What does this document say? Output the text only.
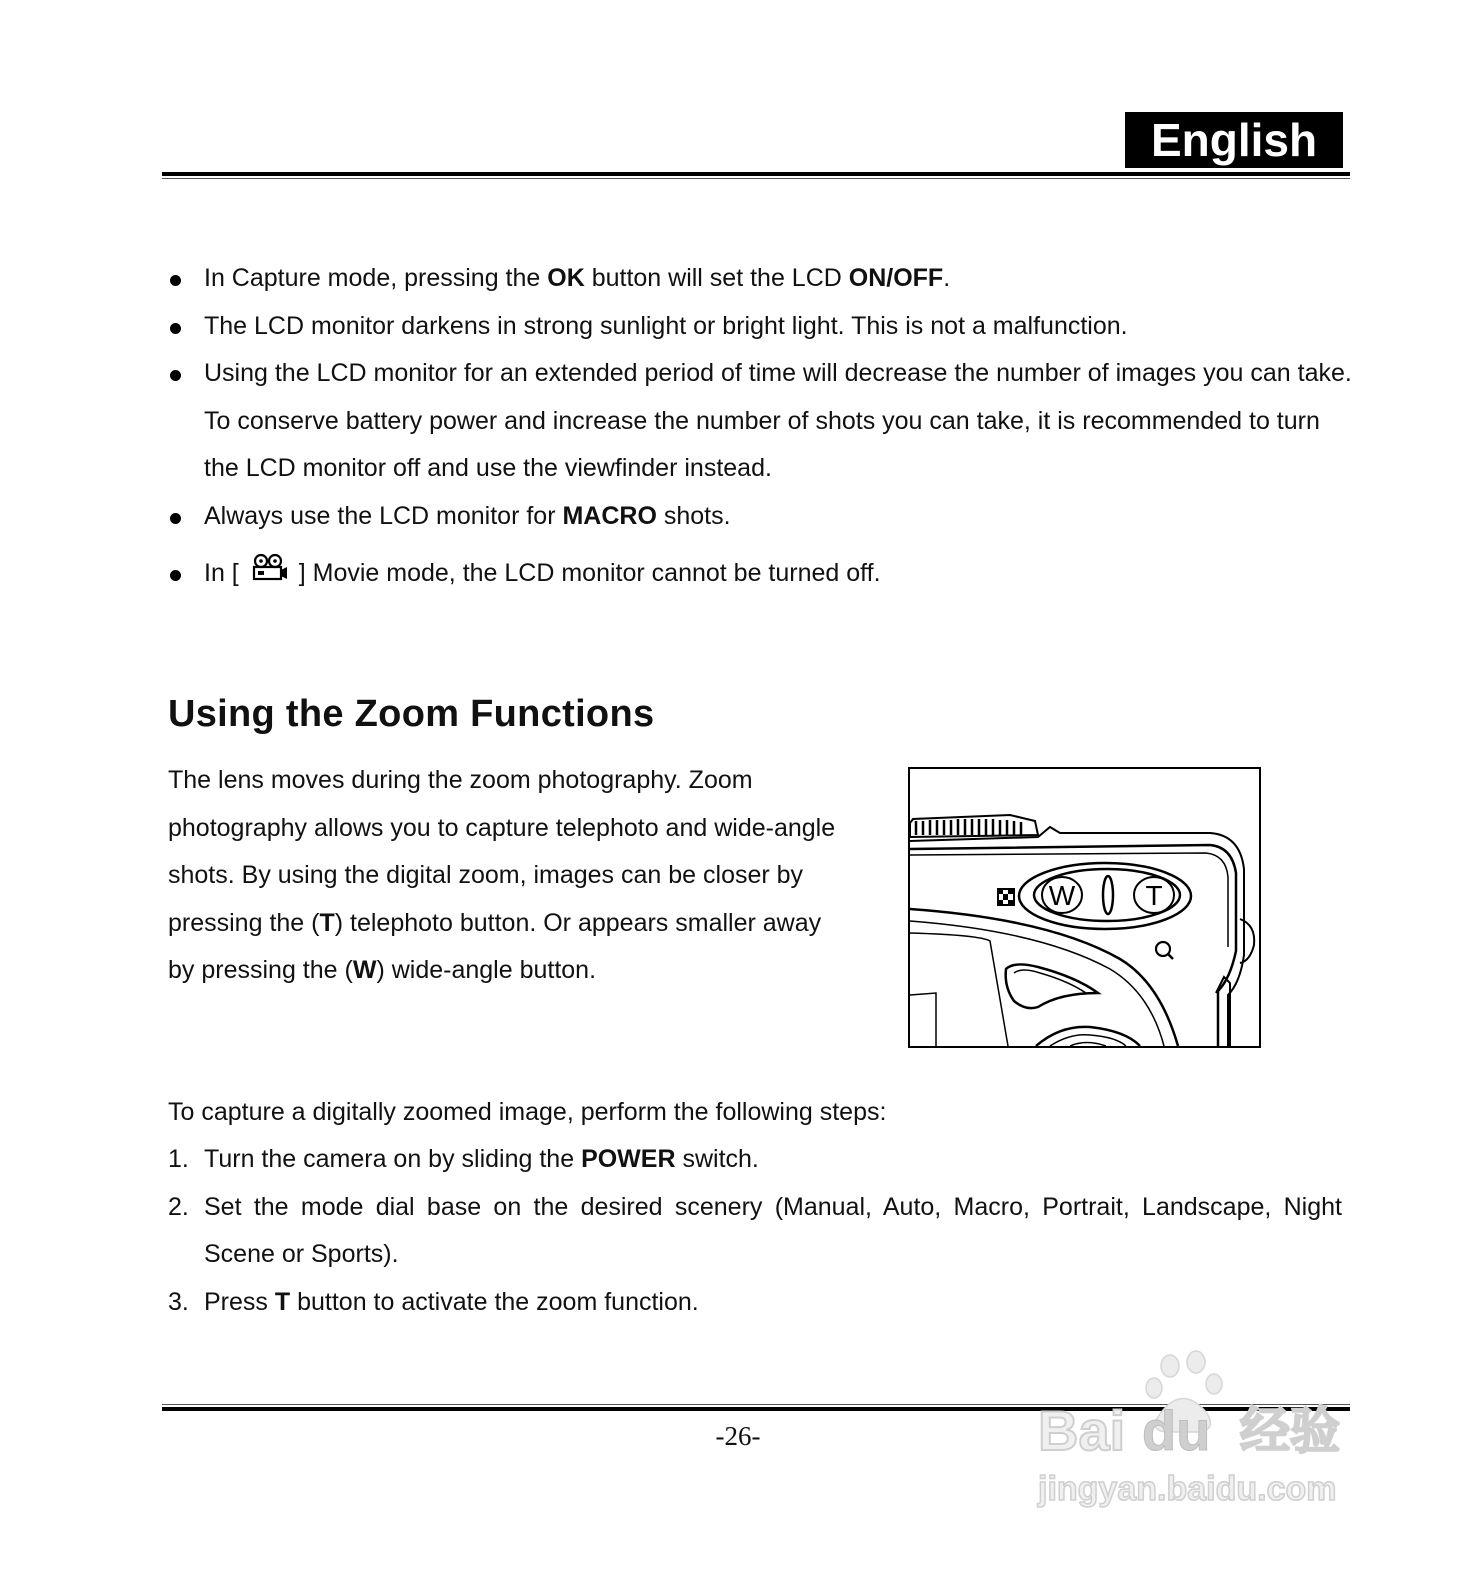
English
In Capture mode, pressing the OK button will set the LCD ON/OFF.
The LCD monitor darkens in strong sunlight or bright light. This is not a malfunction.
Using the LCD monitor for an extended period of time will decrease the number of images you can take. To conserve battery power and increase the number of shots you can take, it is recommended to turn the LCD monitor off and use the viewfinder instead.
Always use the LCD monitor for MACRO shots.
In [ ] Movie mode, the LCD monitor cannot be turned off.
Using the Zoom Functions

The lens moves during the zoom photography. Zoom photography allows you to capture telephoto and wide-angle shots. By using the digital zoom, images can be closer by pressing the (T) telephoto button. Or appears smaller away by pressing the (W) wide-angle button.

W	T

To capture a digitally zoomed image, perform the following steps:

1. Turn the camera on by sliding the POWER switch.
2. Set the mode dial base on the desired scenery (Manual, Auto, Macro, Portrait, Landscape, Night Scene or Sports).
3. Press T button to activate the zoom function.
-26-	Bai du 经验
jingyan.baidu.com
